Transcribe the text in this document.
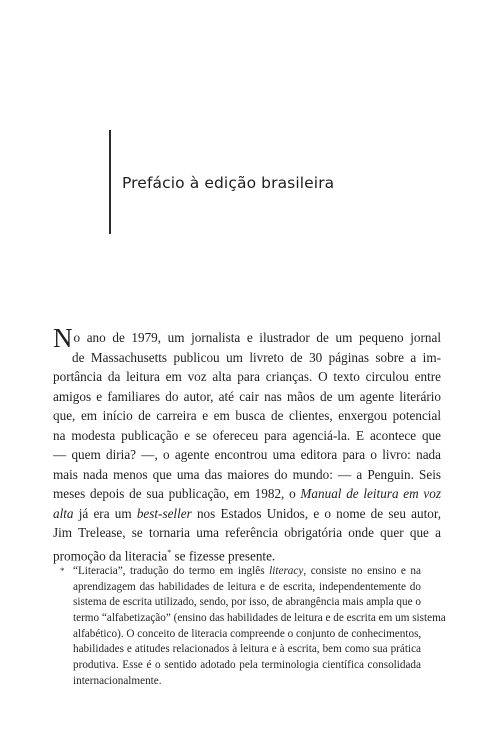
Prefácio à edição brasileira
No ano de 1979, um jornalista e ilustrador de um pequeno jornal
de Massachusetts publicou um livreto de 30 páginas sobre a im-
portância da leitura em voz alta para crianças. O texto circulou entre
amigos e familiares do autor, até cair nas mãos de um agente literário
que, em início de carreira e em busca de clientes, enxergou potencial
na modesta publicação e se ofereceu para agenciá-la. E acontece que
— quem diria? —, o agente encontrou uma editora para o livro: nada
mais nada menos que uma das maiores do mundo: — a Penguin. Seis
meses depois de sua publicação, em 1982, o Manual de leitura em voz
alta já era um best-seller nos Estados Unidos, e o nome de seu autor,
Jim Trelease, se tornaria uma referência obrigatória onde quer que a
promoção da literacia* se fizesse presente.
* “Literacia”, tradução do termo em inglês literacy, consiste no ensino e na
aprendizagem das habilidades de leitura e de escrita, independentemente do
sistema de escrita utilizado, sendo, por isso, de abrangência mais ampla que o
termo “alfabetização” (ensino das habilidades de leitura e de escrita em um sistema
alfabético). O conceito de literacia compreende o conjunto de conhecimentos,
habilidades e atitudes relacionados à leitura e à escrita, bem como sua prática
produtiva. Esse é o sentido adotado pela terminologia científica consolidada
internacionalmente.
